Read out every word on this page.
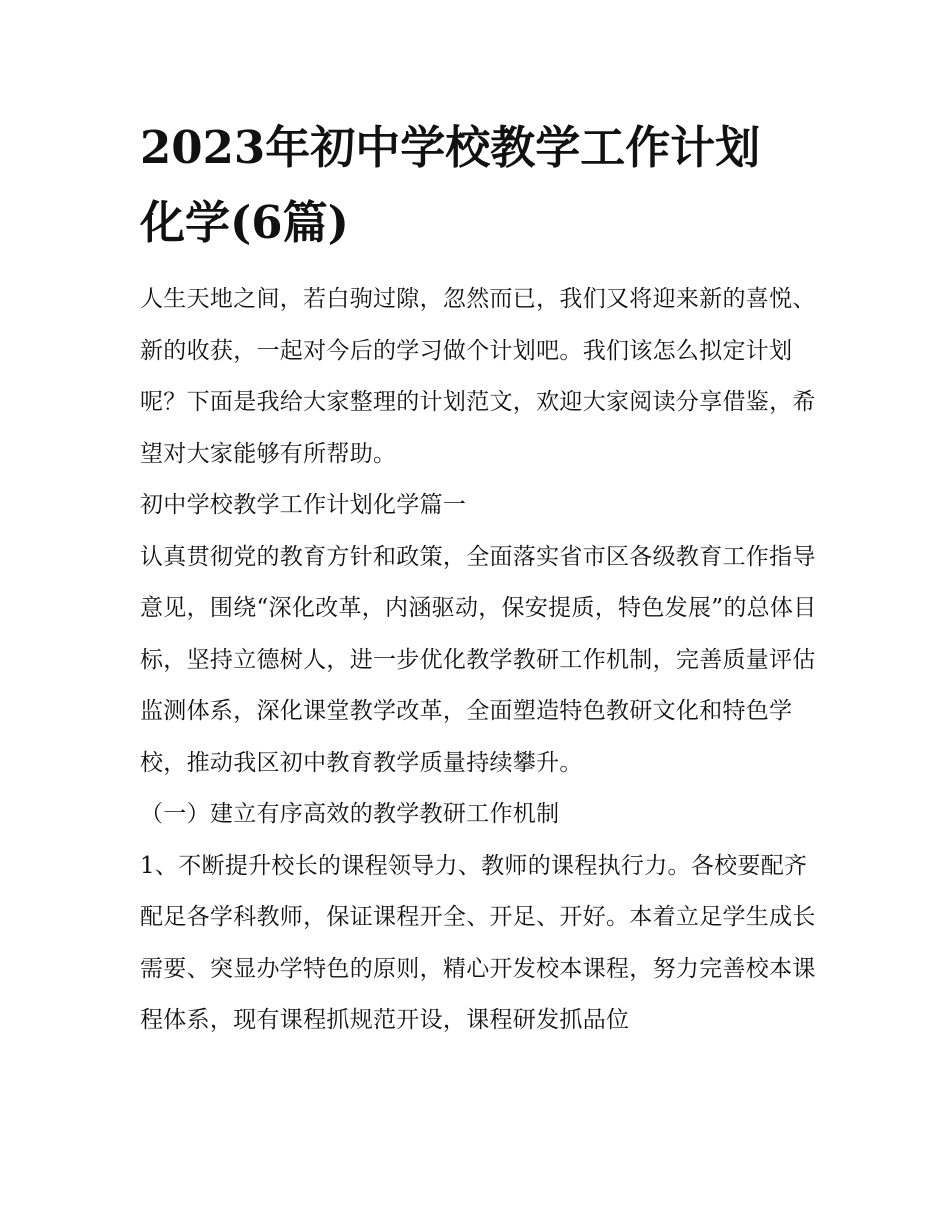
2023年初中学校教学工作计划
化学(6篇)

人生天地之间，若白驹过隙，忽然而已，我们又将迎来新的喜悦、新的收获，一起对今后的学习做个计划吧。我们该怎么拟定计划呢？下面是我给大家整理的计划范文，欢迎大家阅读分享借鉴，希望对大家能够有所帮助。

初中学校教学工作计划化学篇一

认真贯彻党的教育方针和政策，全面落实省市区各级教育工作指导意见，围绕“深化改革，内涵驱动，保安提质，特色发展”的总体目标，坚持立德树人，进一步优化教学教研工作机制，完善质量评估监测体系，深化课堂教学改革，全面塑造特色教研文化和特色学校，推动我区初中教育教学质量持续攀升。

（一）建立有序高效的教学教研工作机制

1、不断提升校长的课程领导力、教师的课程执行力。各校要配齐配足各学科教师，保证课程开全、开足、开好。本着立足学生成长需要、突显办学特色的原则，精心开发校本课程，努力完善校本课程体系，现有课程抓规范开设，课程研发抓品位
